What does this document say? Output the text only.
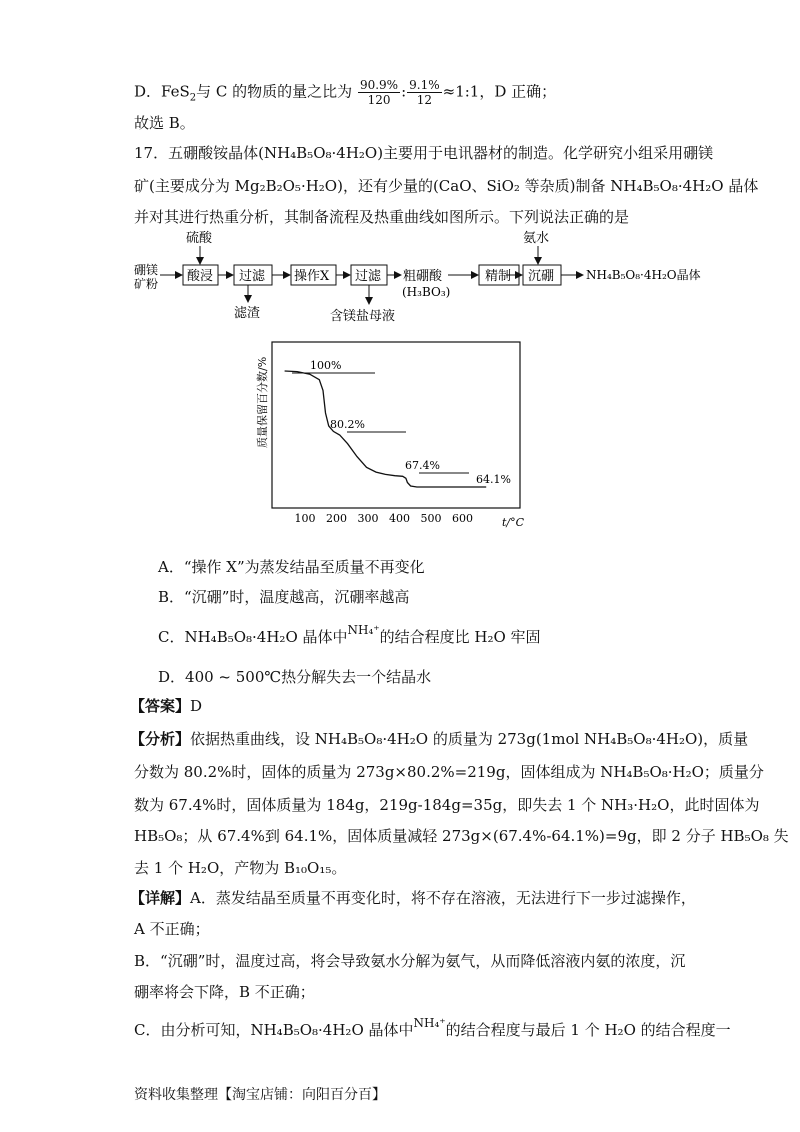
D．FeS$_2$与 C 的物质的量之比为 $\frac{90.9\%}{120}$ : $\frac{9.1\%}{12}$ ≈1:1，D 正确；
故选 B。
17．五硼酸铵晶体(NH₄B₅O₈·4H₂O)主要用于电讯器材的制造。化学研究小组采用硼镁
矿(主要成分为 Mg₂B₂O₅·H₂O)，还有少量的(CaO、SiO₂ 等杂质)制备 NH₄B₅O₈·4H₂O 晶体
并对其进行热重分析，其制备流程及热重曲线如图所示。下列说法正确的是
硫酸
硼镁
矿粉 酸浸 过滤
滤渣
操作X 过滤
含镁盐母液
粗硼酸
(H₃BO₃)
精制
氨水
沉硼	NH₄B₅O₈·4H₂O晶体
质量保留百分数/%
100 200 300 400 500 600
100%
80.2%
67.4%
64.1%
t/°C
A．“操作 X”为蒸发结晶至质量不再变化
B．“沉硼”时，温度越高，沉硼率越高
C．NH₄B₅O₈·4H₂O 晶体中$^{NH_4^+}$的结合程度比 H₂O 牢固
D．400 ~ 500℃热分解失去一个结晶水
【答案】D
【分析】依据热重曲线，设 NH₄B₅O₈·4H₂O 的质量为 273g(1mol NH₄B₅O₈·4H₂O)，质量
分数为 80.2%时，固体的质量为 273g×80.2%=219g，固体组成为 NH₄B₅O₈·H₂O；质量分
数为 67.4%时，固体质量为 184g，219g-184g=35g，即失去 1 个 NH₃·H₂O，此时固体为
HB₅O₈；从 67.4%到 64.1%，固体质量减轻 273g×(67.4%-64.1%)=9g，即 2 分子 HB₅O₈ 失
去 1 个 H₂O，产物为 B₁₀O₁₅。
【详解】A．蒸发结晶至质量不再变化时，将不存在溶液，无法进行下一步过滤操作，
A 不正确；
B．“沉硼”时，温度过高，将会导致氨水分解为氨气，从而降低溶液内氨的浓度，沉
硼率将会下降，B 不正确；
C．由分析可知，NH₄B₅O₈·4H₂O 晶体中$^{NH_4^+}$的结合程度与最后 1 个 H₂O 的结合程度一
资料收集整理【淘宝店铺：向阳百分百】
